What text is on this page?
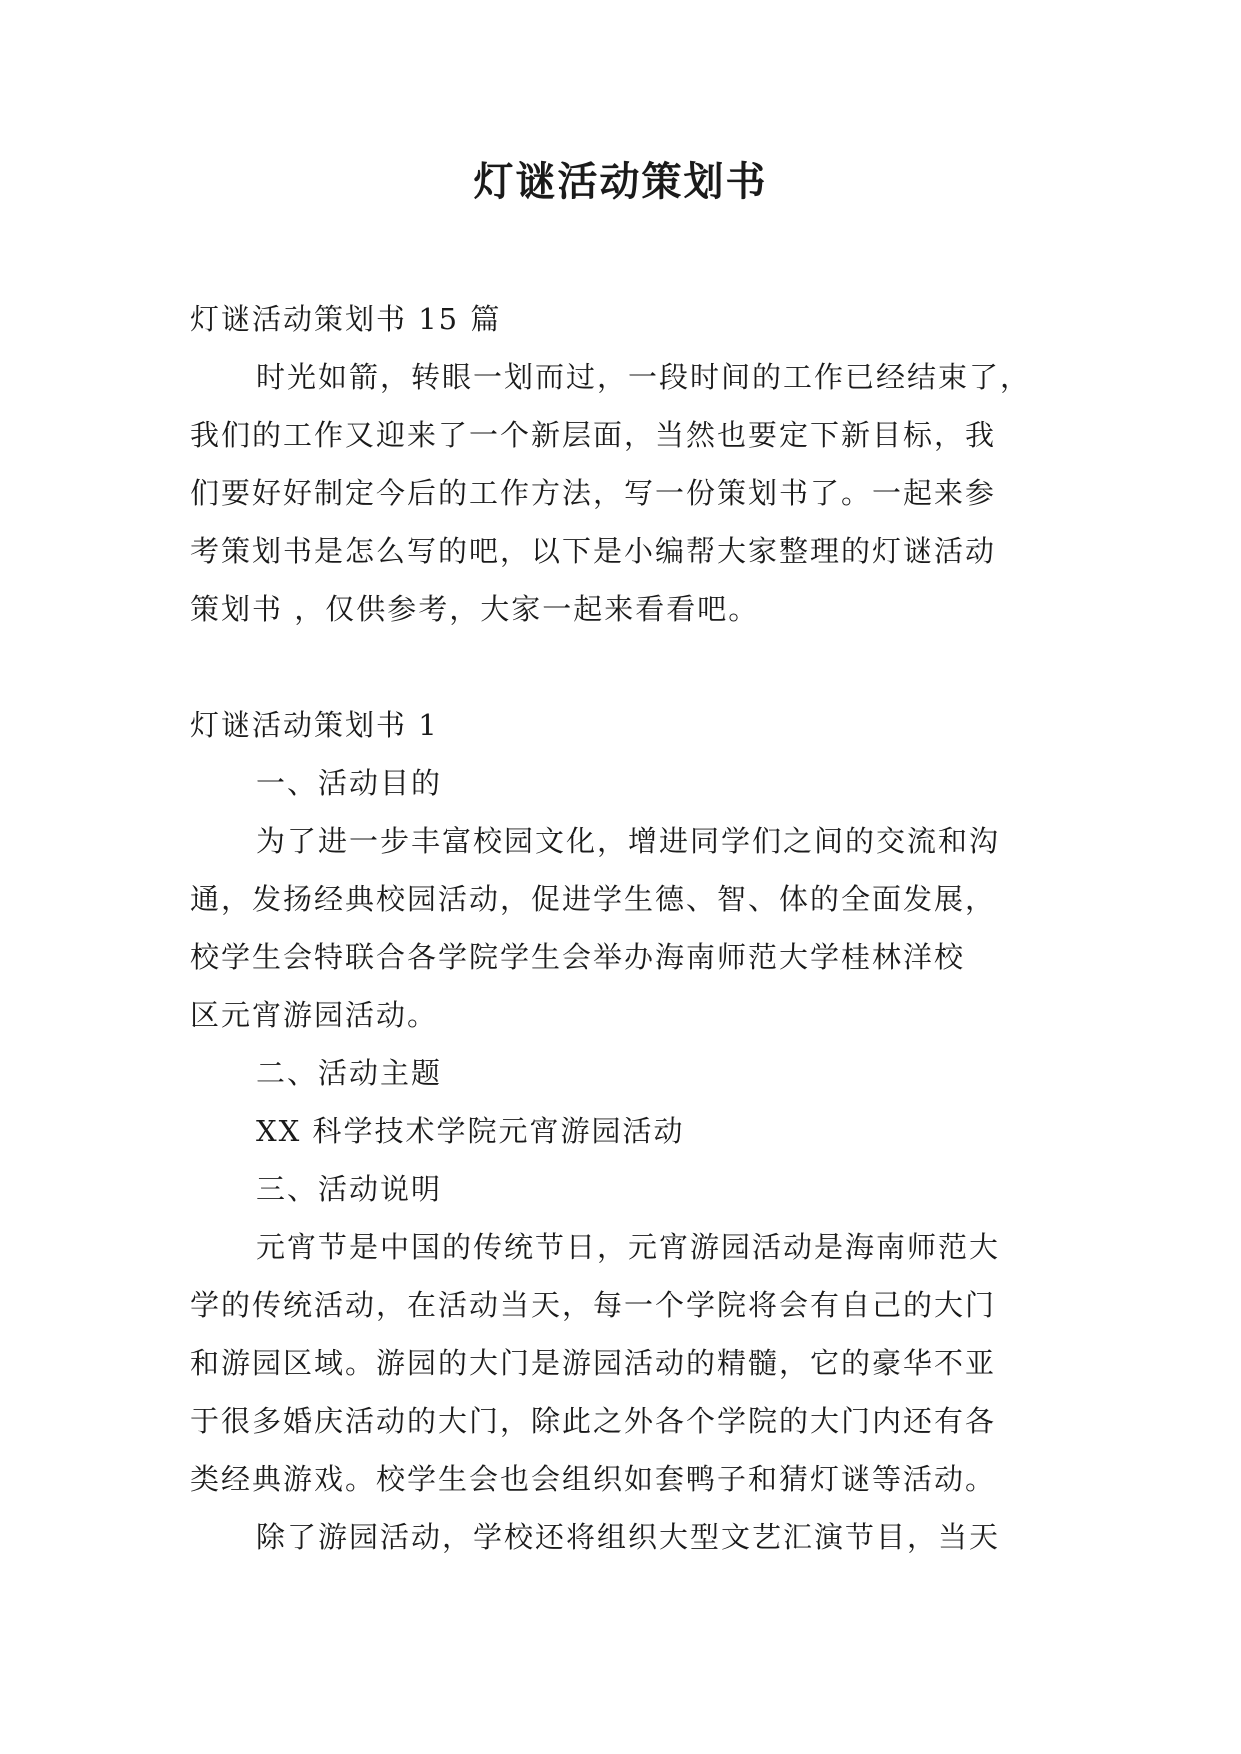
灯谜活动策划书
灯谜活动策划书 15 篇
时光如箭，转眼一划而过，一段时间的工作已经结束了，
我们的工作又迎来了一个新层面，当然也要定下新目标，我
们要好好制定今后的工作方法，写一份策划书了。一起来参
考策划书是怎么写的吧，以下是小编帮大家整理的灯谜活动
策划书 ，仅供参考，大家一起来看看吧。
灯谜活动策划书 1
一、活动目的
为了进一步丰富校园文化，增进同学们之间的交流和沟
通，发扬经典校园活动，促进学生德、智、体的全面发展，
校学生会特联合各学院学生会举办海南师范大学桂林洋校
区元宵游园活动。
二、活动主题
XX 科学技术学院元宵游园活动
三、活动说明
元宵节是中国的传统节日，元宵游园活动是海南师范大
学的传统活动，在活动当天，每一个学院将会有自己的大门
和游园区域。游园的大门是游园活动的精髓，它的豪华不亚
于很多婚庆活动的大门，除此之外各个学院的大门内还有各
类经典游戏。校学生会也会组织如套鸭子和猜灯谜等活动。
除了游园活动，学校还将组织大型文艺汇演节目，当天
